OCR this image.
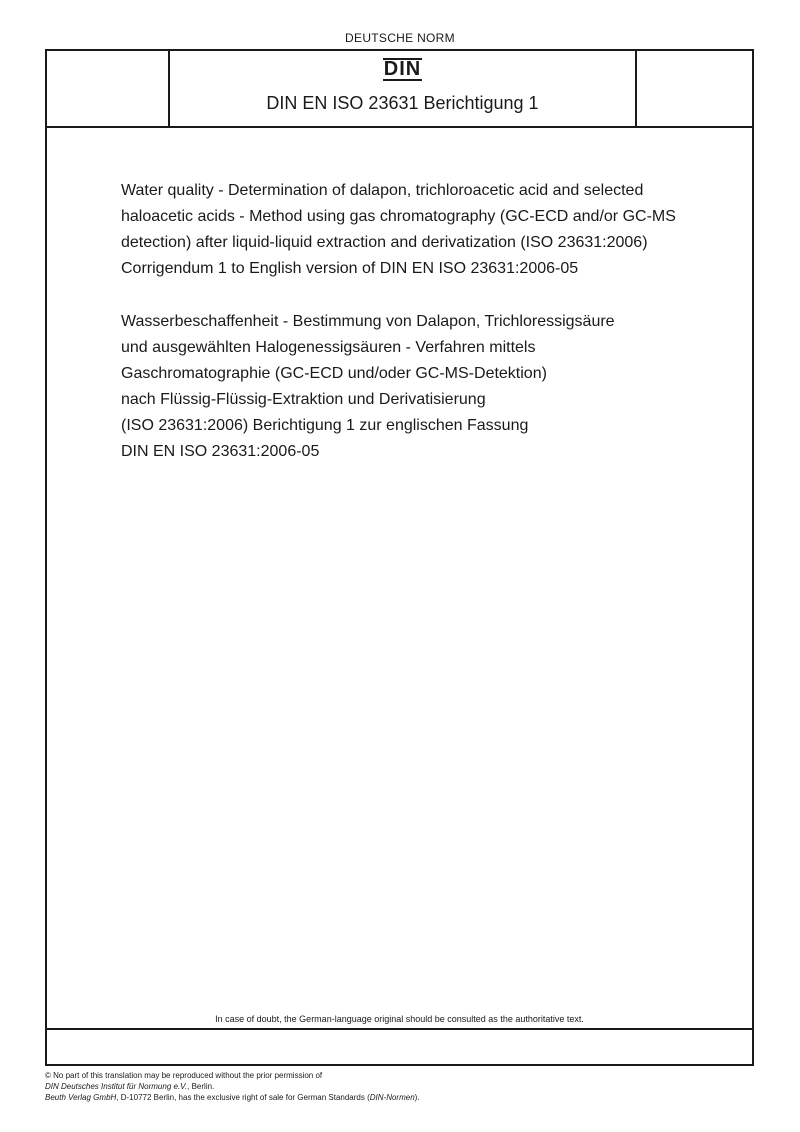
DEUTSCHE NORM
DIN
DIN EN ISO 23631 Berichtigung 1
Water quality - Determination of dalapon, trichloroacetic acid and selected
haloacetic acids - Method using gas chromatography (GC-ECD and/or GC-MS
detection) after liquid-liquid extraction and derivatization (ISO 23631:2006)
Corrigendum 1 to English version of DIN EN ISO 23631:2006-05
Wasserbeschaffenheit - Bestimmung von Dalapon, Trichloressigsäure
und ausgewählten Halogenessigsäuren - Verfahren mittels
Gaschromatographie (GC-ECD und/oder GC-MS-Detektion)
nach Flüssig-Flüssig-Extraktion und Derivatisierung
(ISO 23631:2006) Berichtigung 1 zur englischen Fassung
DIN EN ISO 23631:2006-05
In case of doubt, the German-language original should be consulted as the authoritative text.
© No part of this translation may be reproduced without the prior permission of
DIN Deutsches Institut für Normung e.V., Berlin.
Beuth Verlag GmbH, D-10772 Berlin, has the exclusive right of sale for German Standards (DIN-Normen).
